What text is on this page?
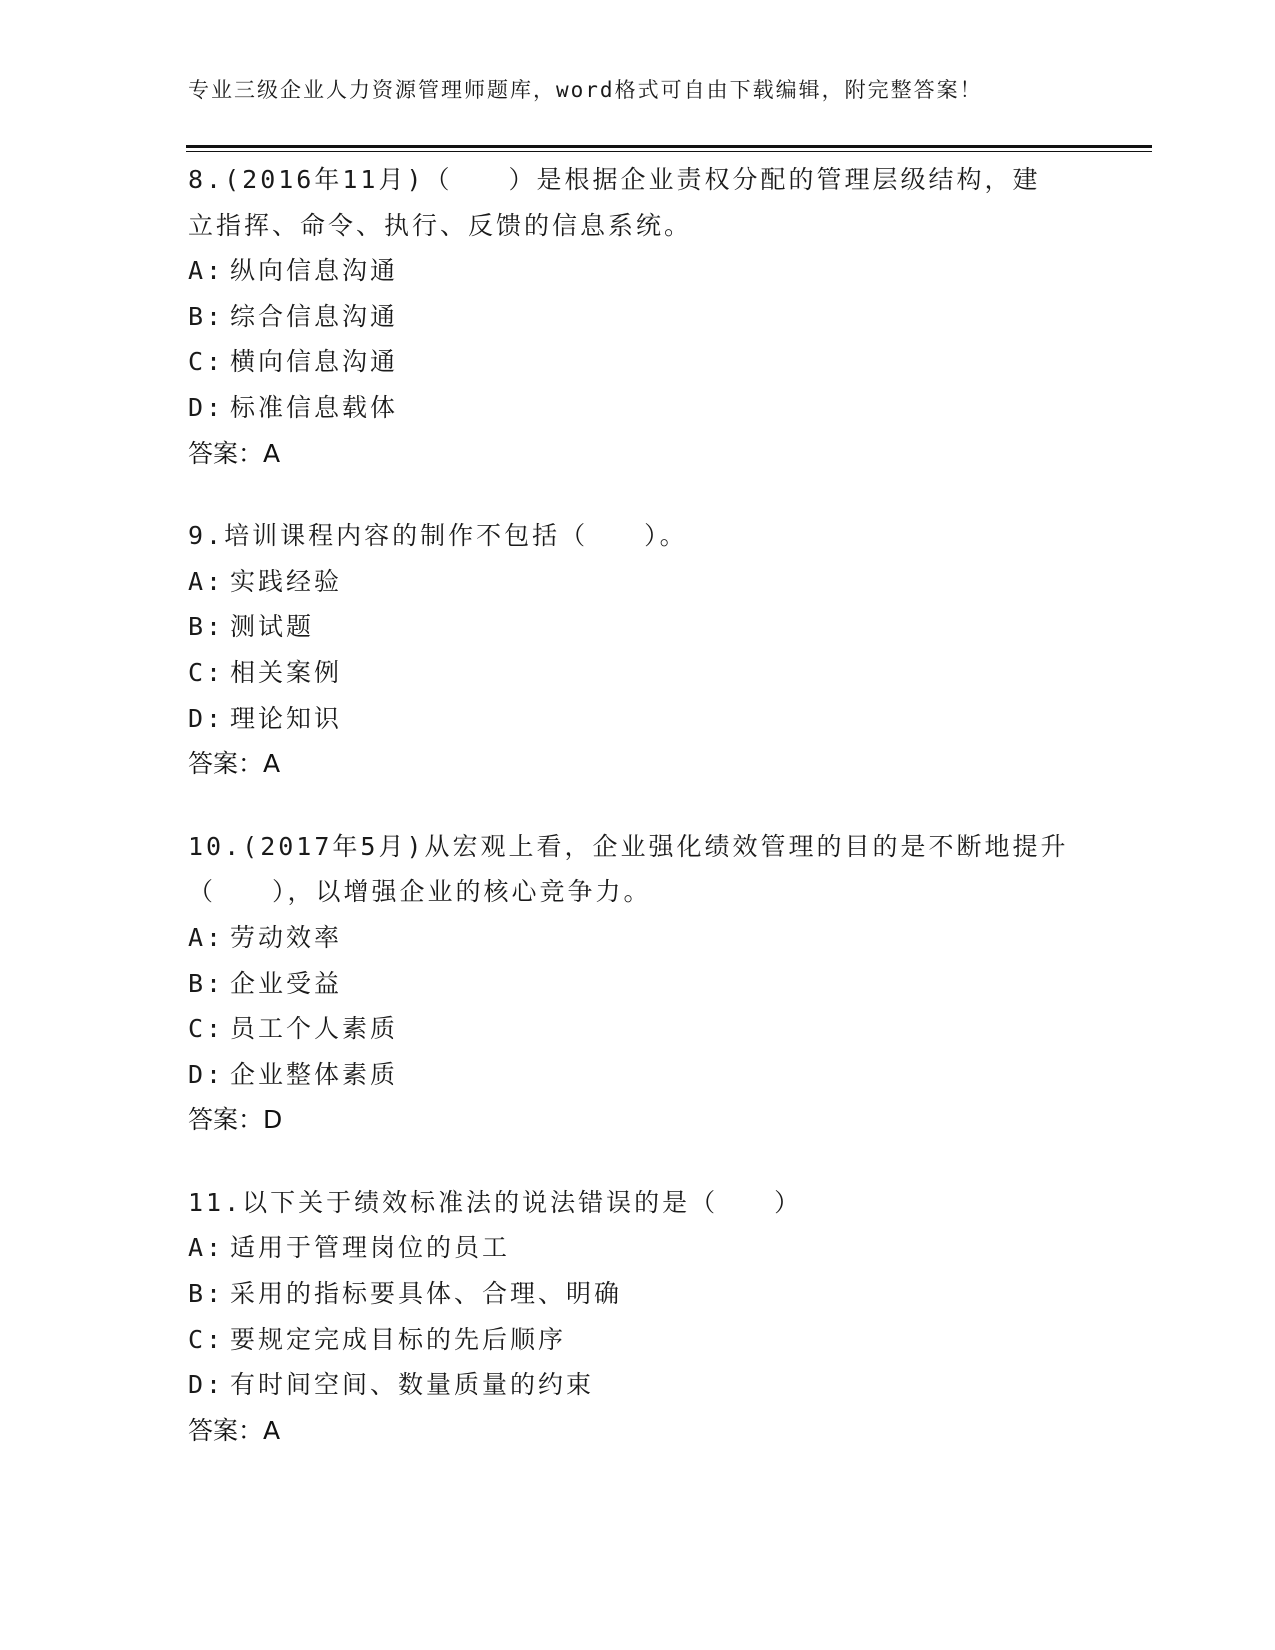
专业三级企业人力资源管理师题库，word格式可自由下载编辑，附完整答案！
8.(2016年11月)（　　）是根据企业责权分配的管理层级结构，建
立指挥、命令、执行、反馈的信息系统。
A: 纵向信息沟通
B: 综合信息沟通
C: 横向信息沟通
D: 标准信息载体
答案：A
9.培训课程内容的制作不包括（　　）。
A: 实践经验
B: 测试题
C: 相关案例
D: 理论知识
答案：A
10.(2017年5月)从宏观上看，企业强化绩效管理的目的是不断地提升
（　　），以增强企业的核心竞争力。
A: 劳动效率
B: 企业受益
C: 员工个人素质
D: 企业整体素质
答案：D
11.以下关于绩效标准法的说法错误的是（　　）
A: 适用于管理岗位的员工
B: 采用的指标要具体、合理、明确
C: 要规定完成目标的先后顺序
D: 有时间空间、数量质量的约束
答案：A
